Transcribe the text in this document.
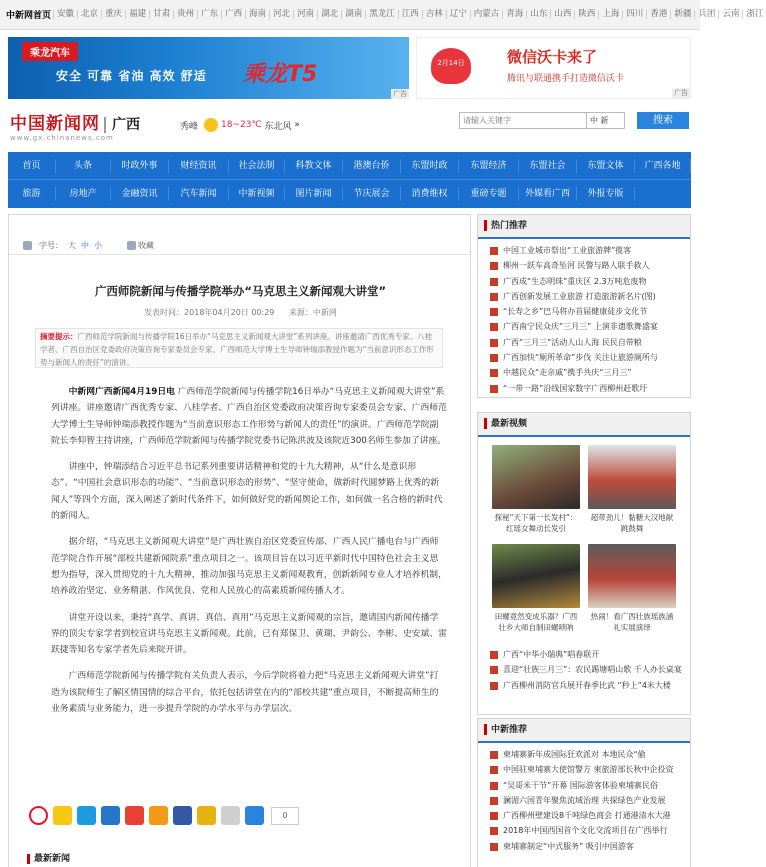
中新网首页 安徽 北京 重庆 福建 甘肃 贵州 广东 广西 海南 河北 河南 湖北 湖南 黑龙江 江西 吉林 辽宁 内蒙古 青海 山东 山西 陕西 上海 四川 香港 新疆 兵团 云南 浙江
乘龙汽车
安全 可靠 省油 高效 舒适 乘龙T5
广告
2月14日	微信沃卡来了
腾讯与联通携手打造微信沃卡
广告
中国新闻网 广西
www.gx.chinanews.com
秀峰	18~23℃
东北风
»
请输入关键字	中 新	搜索
首页	头条	时政外事	财经资讯	社会法制	科教文体	港澳台侨	东盟时政	东盟经济	东盟社会	东盟文体	广西各地
旅游	房地产	金融资讯	汽车新闻	中新视频	图片新闻	节庆展会	消费维权	重磅专题	外媒看广西	外报专版
字号： 大 中 小	收藏
广西师院新闻与传播学院举办“马克思主义新闻观大讲堂”
发表时间：2018年04月20日 00:29 来源：中新网
摘要提示：广西师范学院新闻与传播学院16日举办“马克思主义新闻观大讲堂”系列讲座。讲座邀请广西优秀专家、八桂学者、广西自治区党委政府决策咨询专家委员会专家、广西师范大学博士生导师钟瑞添教授作题为“当前意识形态工作形势与新闻人的责任”的演讲。

中新网广西新闻4月19日电 广西师范学院新闻与传播学院16日举办“马克思主义新闻观大讲堂”系列讲座。讲座邀请广西优秀专家、八桂学者、广西自治区党委政府决策咨询专家委员会专家、广西师范大学博士生导师钟瑞添教授作题为“当前意识形态工作形势与新闻人的责任”的演讲。广西师范学院副院长李仰智主持讲座，广西师范学院新闻与传播学院党委书记陈洪波及该院近300名师生参加了讲座。

讲座中，钟瑞添结合习近平总书记系列重要讲话精神和党的十九大精神，从“什么是意识形态”、“中国社会意识形态的功能”、“当前意识形态的形势”、“坚守使命，做新时代圆梦路上优秀的新闻人”等四个方面，深入阐述了新时代条件下，如何做好党的新闻舆论工作，如何做一名合格的新时代的新闻人。

据介绍，“马克思主义新闻观大讲堂”是广西壮族自治区党委宣传部、广西人民广播电台与广西师范学院合作开展“部校共建新闻院系”重点项目之一。该项目旨在以习近平新时代中国特色社会主义思想为指导，深入贯彻党的十九大精神，推动加强马克思主义新闻观教育，创新新闻专业人才培养机制，培养政治坚定、业务精湛、作风优良、党和人民放心的高素质新闻传播人才。

讲堂开设以来，秉持“真学、真讲、真信、真用”马克思主义新闻观的宗旨，邀请国内新闻传播学界的顶尖专家学者到校宣讲马克思主义新闻观。此前，已有郑保卫、黄瑚、尹韵公、李彬、史安斌、雷跃捷等知名专家学者先后来院开讲。

广西师范学院新闻与传播学院有关负责人表示，今后学院将着力把“马克思主义新闻观大讲堂”打造为该院师生了解区情国情的综合平台，依托包括讲堂在内的“部校共建”重点项目，不断提高师生的业务素质与业务能力，进一步提升学院的办学水平与办学层次。

0
最新新闻
热门推荐
中国工业城市祭出“工业旅游牌”揽客
柳州一跃车高奇坠河 民警与路人联手救人
广西成“生态明珠”重庆区 2.3万吨危废物
广西创新发展工业旅游 打造旅游新名片(图)
“长寿之乡”巴马将办首届健康徒步文化节
广西南宁民众庆“三月三” 上演非遗歌舞盛宴
广西“三月三”活动人山人海 民民自带粮
广西加快“厕所革命”步伐 关注让旅游厕所与
中越民众“走亲戚”携手共庆“三月三”
“一带一路”沿线国家数字广西柳州赶歌圩
最新视频
探秘“天下第一长发村”：红瑶女舞动长发引
超带劲儿！黏糖大汉地献跳鼓舞
田螺竟然变成乐器？广西壮乡大师自制田螺唢呐
热闹！看广西壮族瑶族涵礼实展演绎
广西“中华小瑞典”唱春联开
喜迎“壮族三月三”：农民踢塘唱山歌 千人办长桌宴
广西柳州消防官兵展开春季比武 “秒上”4米大楼
中新推荐
柬埔寨新年成国际狂欢派对 本地民众“偷
中国驻柬埔寨大使馆警方 柬旅游部长秋中企投资
“吴哥米干节”开幕 国际游客体验柬埔寨民俗
澜湄六国青年聚焦流域治理 共探绿色产业发展
广西柳州壁建设8千吨绿色商会 打通港清水大港
2018年中国西国首个文化交流项目在广西举行
柬埔寨制定“中式服务” 吸引中国游客
